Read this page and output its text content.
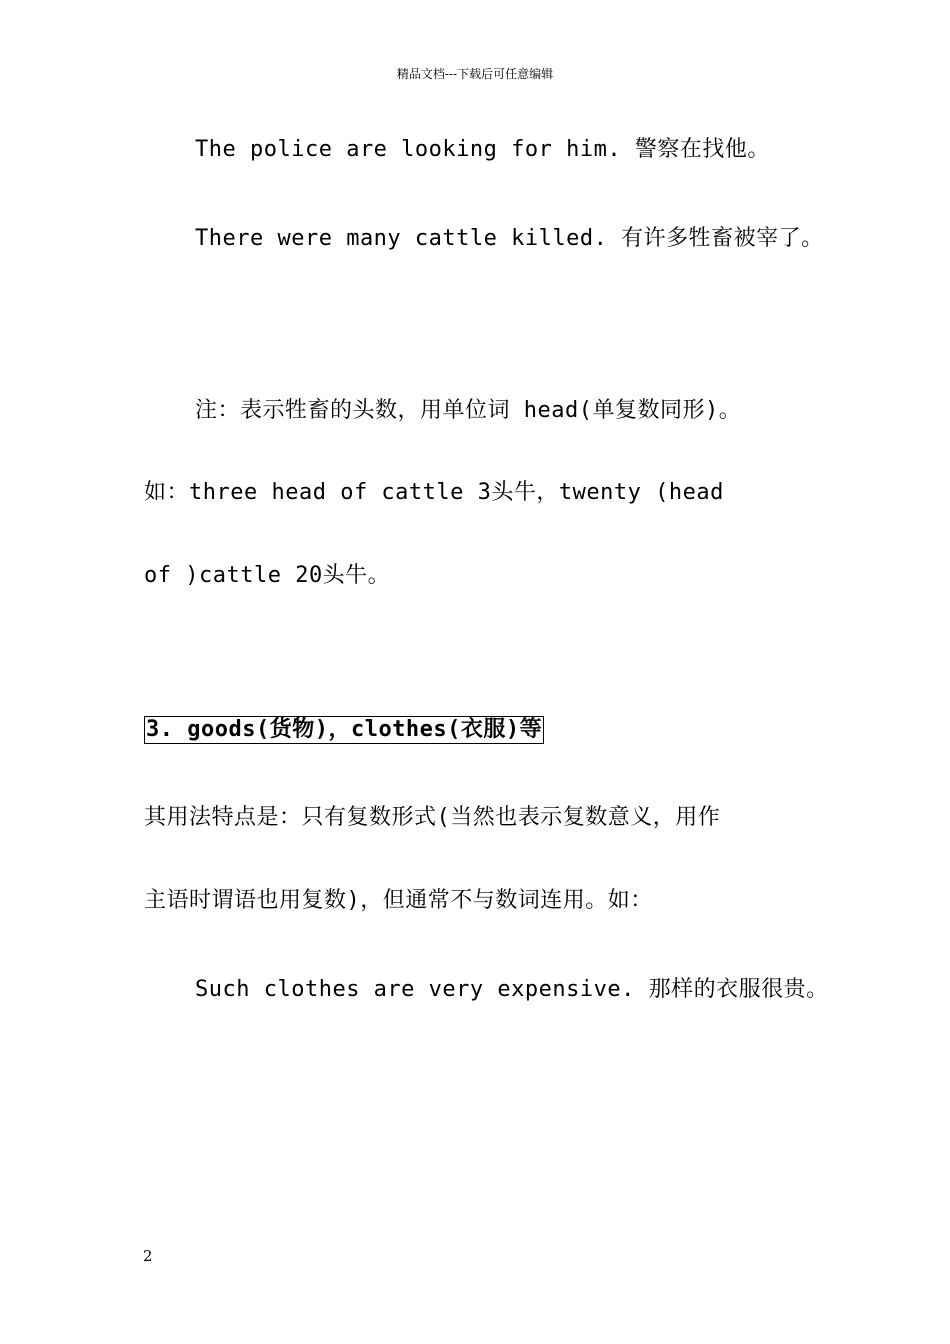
精品文档---下载后可任意编辑
The police are looking for him. 警察在找他。
There were many cattle killed. 有许多牲畜被宰了。
注：表示牲畜的头数，用单位词 head(单复数同形)。
如：three head of cattle 3头牛，twenty (head
of )cattle 20头牛。
3. goods(货物)，clothes(衣服)等
其用法特点是：只有复数形式(当然也表示复数意义，用作
主语时谓语也用复数)，但通常不与数词连用。如：
Such clothes are very expensive. 那样的衣服很贵。
2
